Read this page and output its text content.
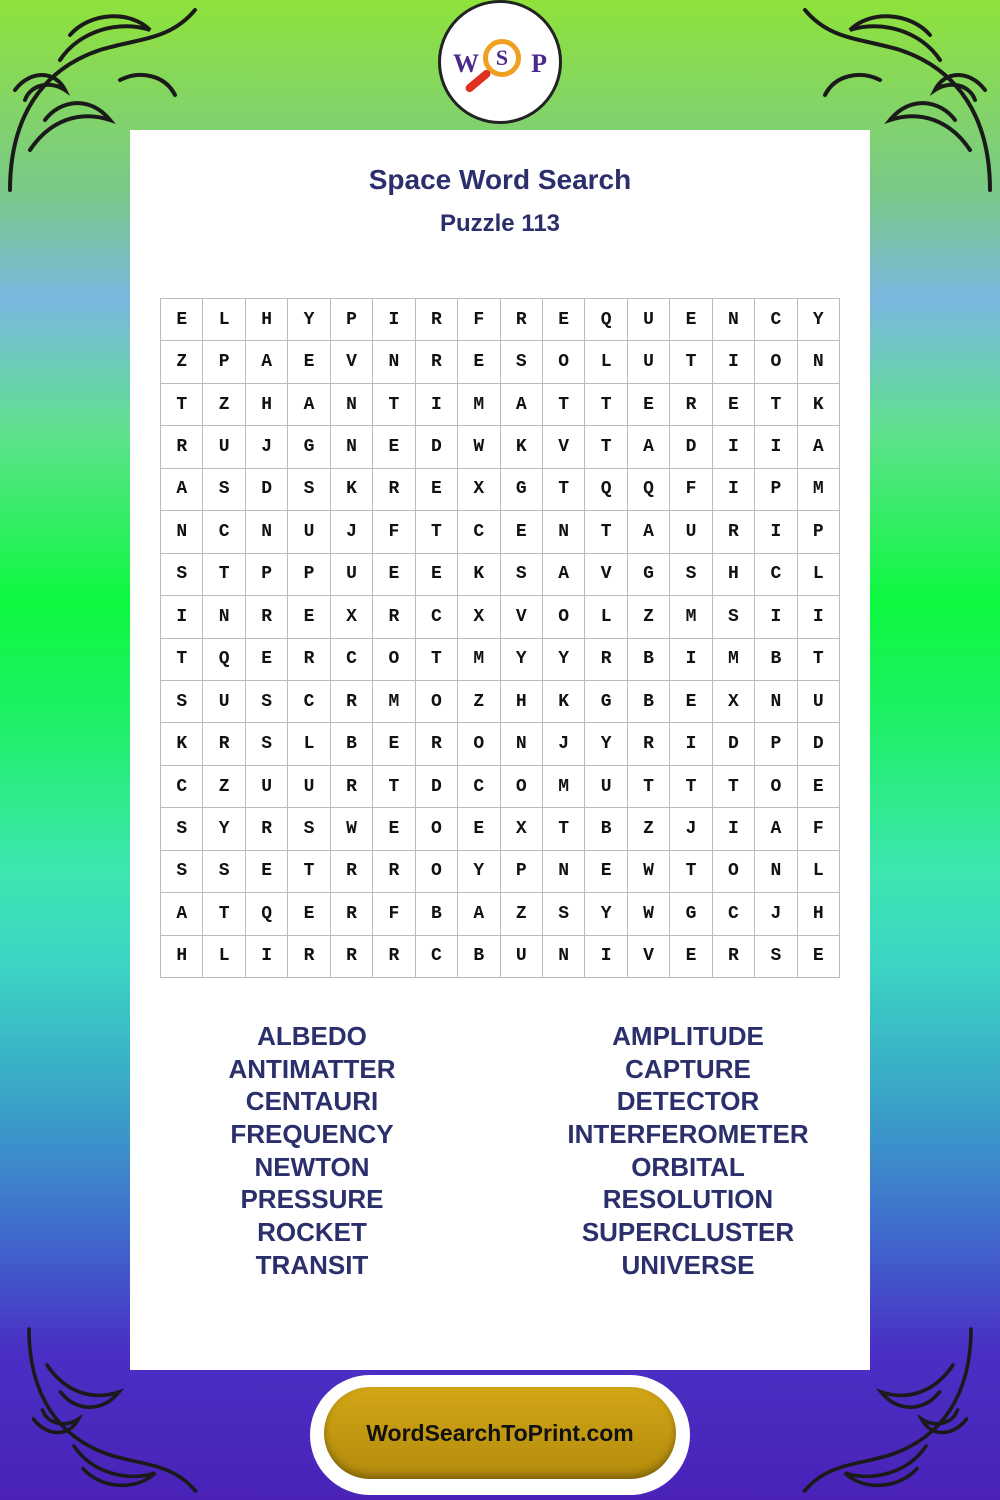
W S P
Space Word Search
Puzzle 113
E	L	H	Y	P	I	R	F	R	E	Q	U	E	N	C	Y
Z	P	A	E	V	N	R	E	S	O	L	U	T	I	O	N
T	Z	H	A	N	T	I	M	A	T	T	E	R	E	T	K
R	U	J	G	N	E	D	W	K	V	T	A	D	I	I	A
A	S	D	S	K	R	E	X	G	T	Q	Q	F	I	P	M
N	C	N	U	J	F	T	C	E	N	T	A	U	R	I	P
S	T	P	P	U	E	E	K	S	A	V	G	S	H	C	L
I	N	R	E	X	R	C	X	V	O	L	Z	M	S	I	I
T	Q	E	R	C	O	T	M	Y	Y	R	B	I	M	B	T
S	U	S	C	R	M	O	Z	H	K	G	B	E	X	N	U
K	R	S	L	B	E	R	O	N	J	Y	R	I	D	P	D
C	Z	U	U	R	T	D	C	O	M	U	T	T	T	O	E
S	Y	R	S	W	E	O	E	X	T	B	Z	J	I	A	F
S	S	E	T	R	R	O	Y	P	N	E	W	T	O	N	L
A	T	Q	E	R	F	B	A	Z	S	Y	W	G	C	J	H
H	L	I	R	R	R	C	B	U	N	I	V	E	R	S	E
ALBEDO
ANTIMATTER
CENTAURI
FREQUENCY
NEWTON
PRESSURE
ROCKET
TRANSIT
AMPLITUDE
CAPTURE
DETECTOR
INTERFEROMETER
ORBITAL
RESOLUTION
SUPERCLUSTER
UNIVERSE
WordSearchToPrint.com
